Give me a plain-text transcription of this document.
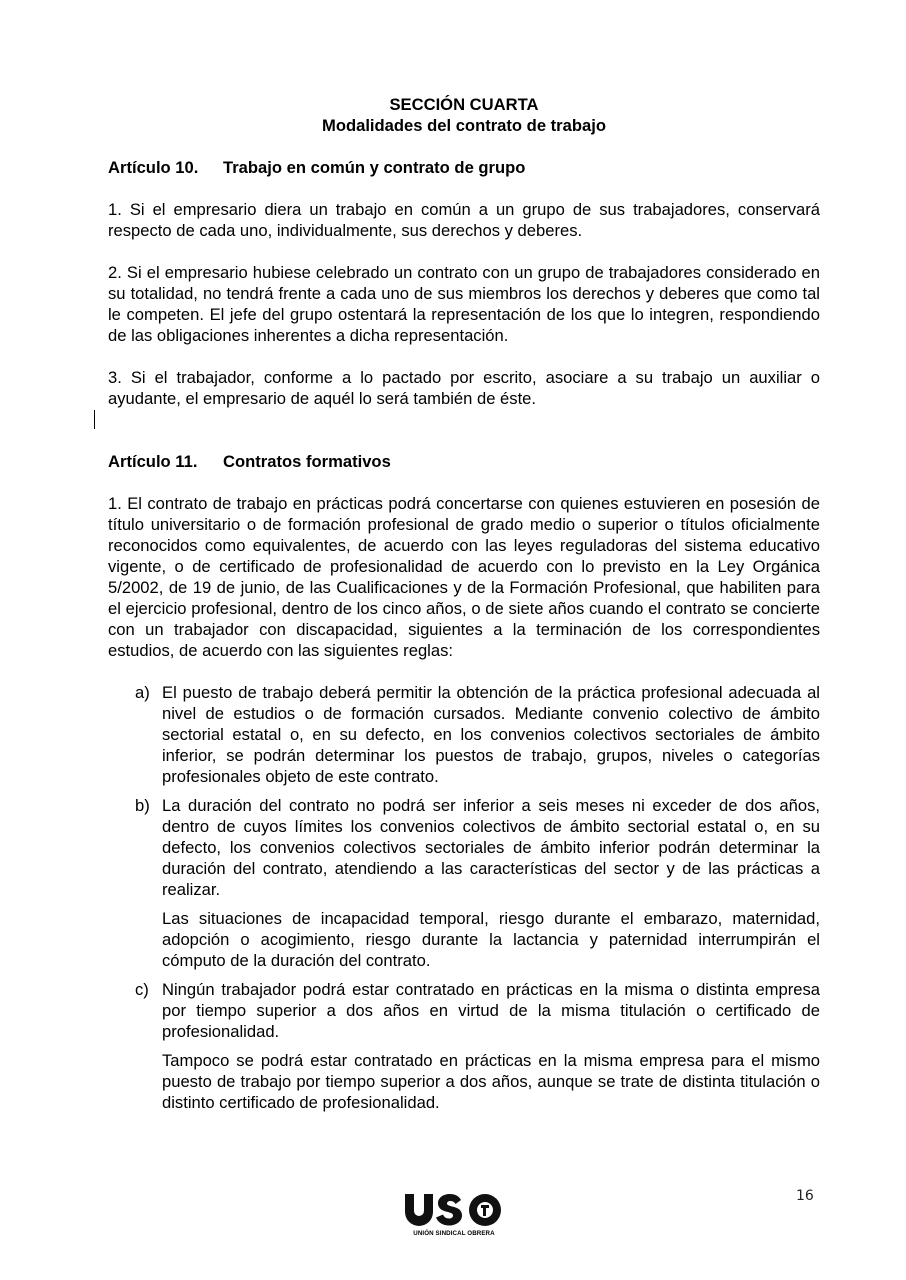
SECCIÓN CUARTA
Modalidades del contrato de trabajo
Artículo 10. Trabajo en común y contrato de grupo
1. Si el empresario diera un trabajo en común a un grupo de sus trabajadores, conservará respecto de cada uno, individualmente, sus derechos y deberes.
2. Si el empresario hubiese celebrado un contrato con un grupo de trabajadores considerado en su totalidad, no tendrá frente a cada uno de sus miembros los derechos y deberes que como tal le competen. El jefe del grupo ostentará la representación de los que lo integren, respondiendo de las obligaciones inherentes a dicha representación.
3. Si el trabajador, conforme a lo pactado por escrito, asociare a su trabajo un auxiliar o ayudante, el empresario de aquél lo será también de éste.
Artículo 11. Contratos formativos
1. El contrato de trabajo en prácticas podrá concertarse con quienes estuvieren en posesión de título universitario o de formación profesional de grado medio o superior o títulos oficialmente reconocidos como equivalentes, de acuerdo con las leyes reguladoras del sistema educativo vigente, o de certificado de profesionalidad de acuerdo con lo previsto en la Ley Orgánica 5/2002, de 19 de junio, de las Cualificaciones y de la Formación Profesional, que habiliten para el ejercicio profesional, dentro de los cinco años, o de siete años cuando el contrato se concierte con un trabajador con discapacidad, siguientes a la terminación de los correspondientes estudios, de acuerdo con las siguientes reglas:
a) El puesto de trabajo deberá permitir la obtención de la práctica profesional adecuada al nivel de estudios o de formación cursados. Mediante convenio colectivo de ámbito sectorial estatal o, en su defecto, en los convenios colectivos sectoriales de ámbito inferior, se podrán determinar los puestos de trabajo, grupos, niveles o categorías profesionales objeto de este contrato.
b) La duración del contrato no podrá ser inferior a seis meses ni exceder de dos años, dentro de cuyos límites los convenios colectivos de ámbito sectorial estatal o, en su defecto, los convenios colectivos sectoriales de ámbito inferior podrán determinar la duración del contrato, atendiendo a las características del sector y de las prácticas a realizar.
Las situaciones de incapacidad temporal, riesgo durante el embarazo, maternidad, adopción o acogimiento, riesgo durante la lactancia y paternidad interrumpirán el cómputo de la duración del contrato.
c) Ningún trabajador podrá estar contratado en prácticas en la misma o distinta empresa por tiempo superior a dos años en virtud de la misma titulación o certificado de profesionalidad.
Tampoco se podrá estar contratado en prácticas en la misma empresa para el mismo puesto de trabajo por tiempo superior a dos años, aunque se trate de distinta titulación o distinto certificado de profesionalidad.
16
UNIÓN SINDICAL OBRERA
